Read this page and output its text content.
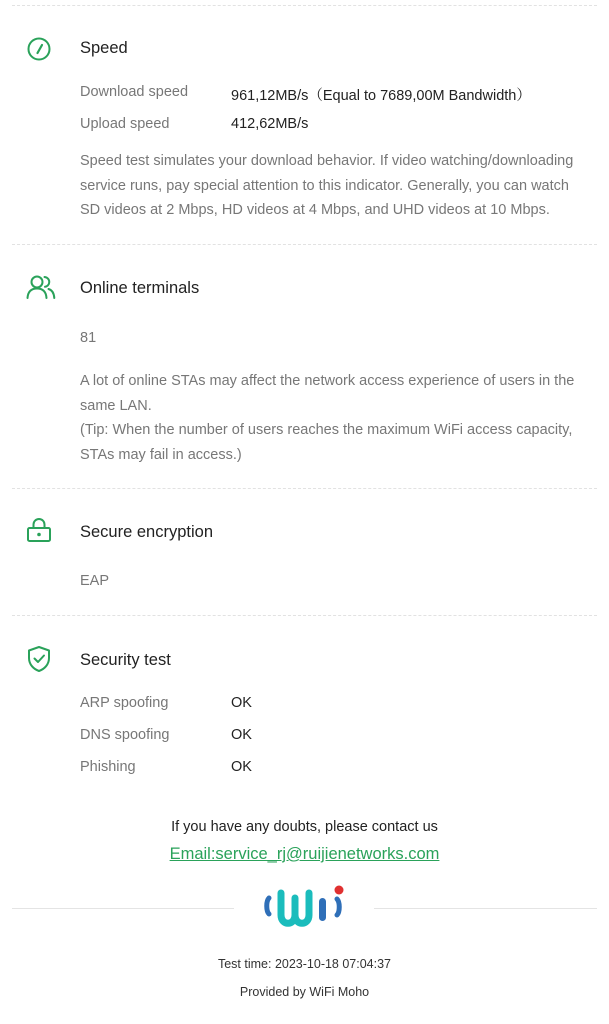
Speed
Download speed	961,12MB/s（Equal to 7689,00M Bandwidth）
Upload speed	412,62MB/s
Speed test simulates your download behavior. If video watching/downloading service runs, pay special attention to this indicator. Generally, you can watch SD videos at 2 Mbps, HD videos at 4 Mbps, and UHD videos at 10 Mbps.
Online terminals
81
A lot of online STAs may affect the network access experience of users in the same LAN.
(Tip: When the number of users reaches the maximum WiFi access capacity, STAs may fail in access.)
Secure encryption
EAP
Security test
ARP spoofing	OK
DNS spoofing	OK
Phishing	OK
If you have any doubts, please contact us
Email:service_rj@ruijienetworks.com
Test time: 2023-10-18 07:04:37
Provided by WiFi Moho
